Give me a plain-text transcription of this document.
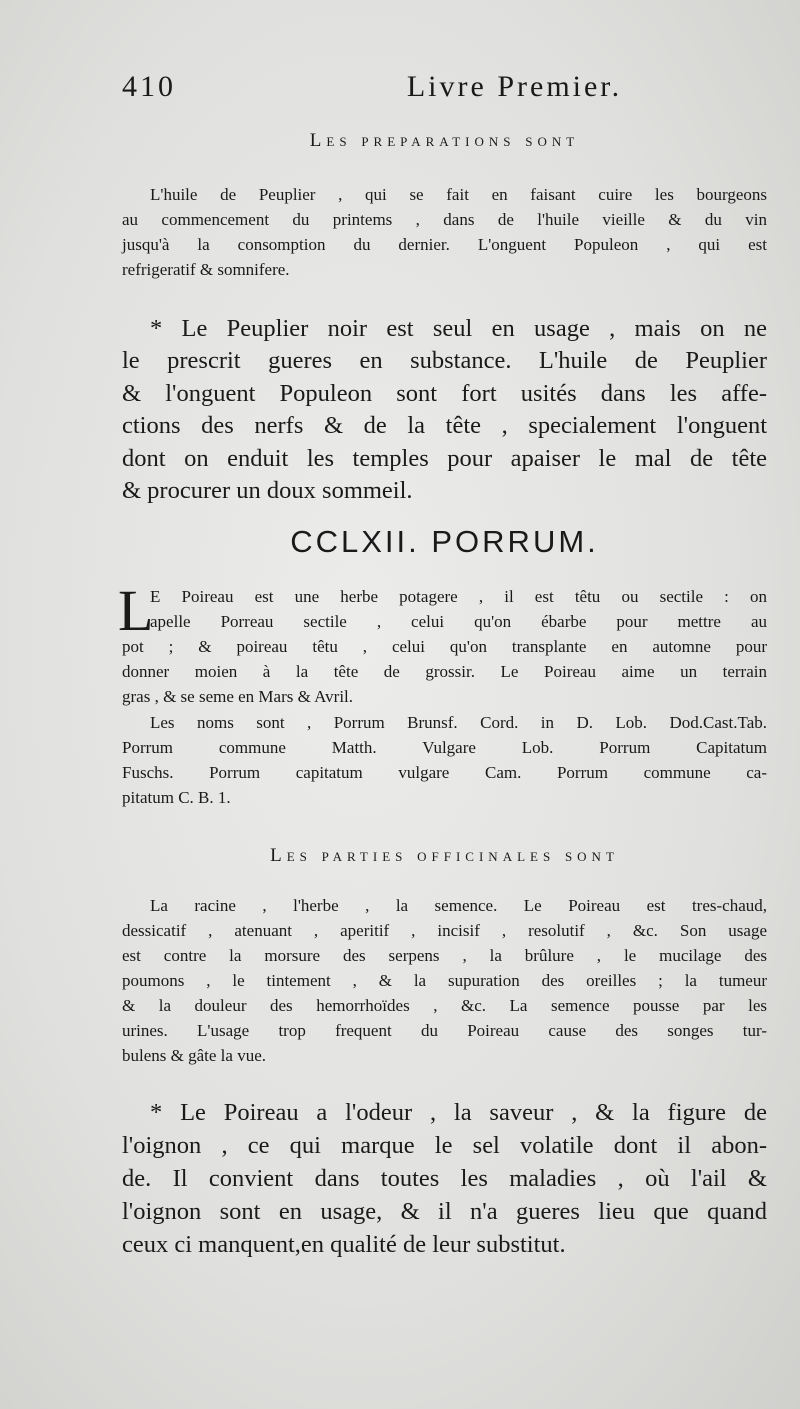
410	Livre Premier.
Les preparations sont
L'huile de Peuplier , qui se fait en faisant cuire les bourgeons
au commencement du printems , dans de l'huile vieille & du vin
jusqu'à la consomption du dernier. L'onguent Populeon , qui est
refrigeratif & somnifere.
* Le Peuplier noir est seul en usage , mais on ne
le prescrit gueres en substance. L'huile de Peuplier
& l'onguent Populeon sont fort usités dans les affe-
ctions des nerfs & de la tête , specialement l'onguent
dont on enduit les temples pour apaiser le mal de tête
& procurer un doux sommeil.
CCLXII. PORRUM.
L
E Poireau est une herbe potagere , il est têtu ou sectile : on
apelle Porreau sectile , celui qu'on ébarbe pour mettre au
pot ; & poireau têtu , celui qu'on transplante en automne pour
donner moien à la tête de grossir. Le Poireau aime un terrain
gras , & se seme en Mars & Avril.
Les noms sont , Porrum Brunsf. Cord. in D. Lob. Dod.Cast.Tab.
Porrum commune Matth. Vulgare Lob. Porrum Capitatum
Fuschs. Porrum capitatum vulgare Cam. Porrum commune ca-
pitatum C. B. 1.
Les parties officinales sont
La racine , l'herbe , la semence. Le Poireau est tres-chaud,
dessicatif , atenuant , aperitif , incisif , resolutif , &c. Son usage
est contre la morsure des serpens , la brûlure , le mucilage des
poumons , le tintement , & la supuration des oreilles ; la tumeur
& la douleur des hemorrhoïdes , &c. La semence pousse par les
urines. L'usage trop frequent du Poireau cause des songes tur-
bulens & gâte la vue.
* Le Poireau a l'odeur , la saveur , & la figure de
l'oignon , ce qui marque le sel volatile dont il abon-
de. Il convient dans toutes les maladies , où l'ail &
l'oignon sont en usage, & il n'a gueres lieu que quand
ceux ci manquent,en qualité de leur substitut.
